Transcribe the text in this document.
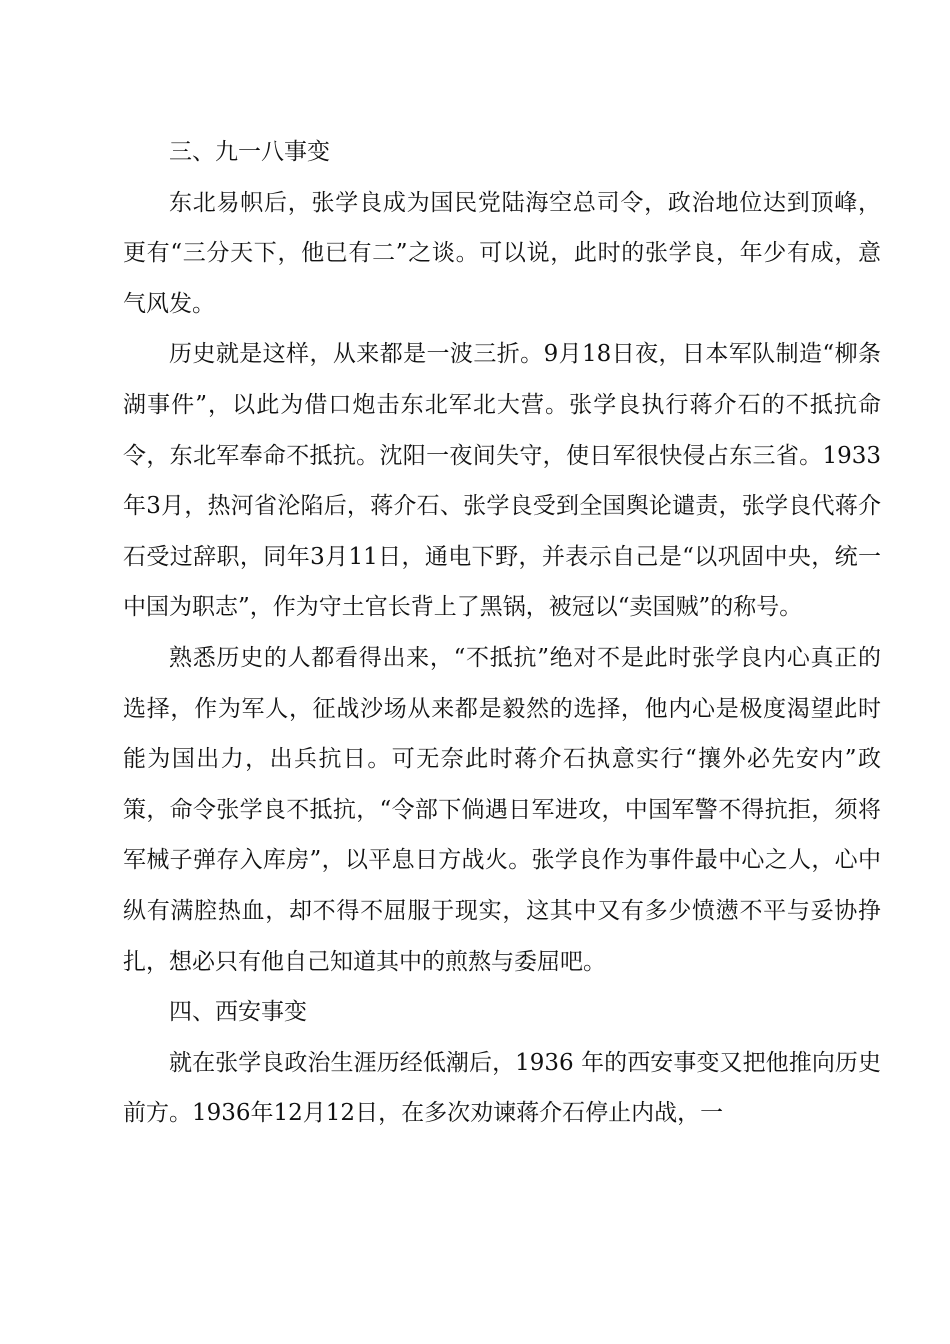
三、九一八事变

东北易帜后，张学良成为国民党陆海空总司令，政治地位达到顶峰，更有“三分天下，他已有二”之谈。可以说，此时的张学良，年少有成，意气风发。

历史就是这样，从来都是一波三折。9月18日夜，日本军队制造“柳条湖事件”，以此为借口炮击东北军北大营。张学良执行蒋介石的不抵抗命令，东北军奉命不抵抗。沈阳一夜间失守，使日军很快侵占东三省。1933年3月，热河省沦陷后，蒋介石、张学良受到全国舆论谴责，张学良代蒋介石受过辞职，同年3月11日，通电下野，并表示自己是“以巩固中央，统一中国为职志”，作为守土官长背上了黑锅，被冠以“卖国贼”的称号。

熟悉历史的人都看得出来，“不抵抗”绝对不是此时张学良内心真正的选择，作为军人，征战沙场从来都是毅然的选择，他内心是极度渴望此时能为国出力，出兵抗日。可无奈此时蒋介石执意实行“攘外必先安内”政策，命令张学良不抵抗，“令部下倘遇日军进攻，中国军警不得抗拒，须将军械子弹存入库房”，以平息日方战火。张学良作为事件最中心之人，心中纵有满腔热血，却不得不屈服于现实，这其中又有多少愤懑不平与妥协挣扎，想必只有他自己知道其中的煎熬与委屈吧。

四、西安事变

就在张学良政治生涯历经低潮后，1936 年的西安事变又把他推向历史前方。1936年12月12日，在多次劝谏蒋介石停止内战，一
